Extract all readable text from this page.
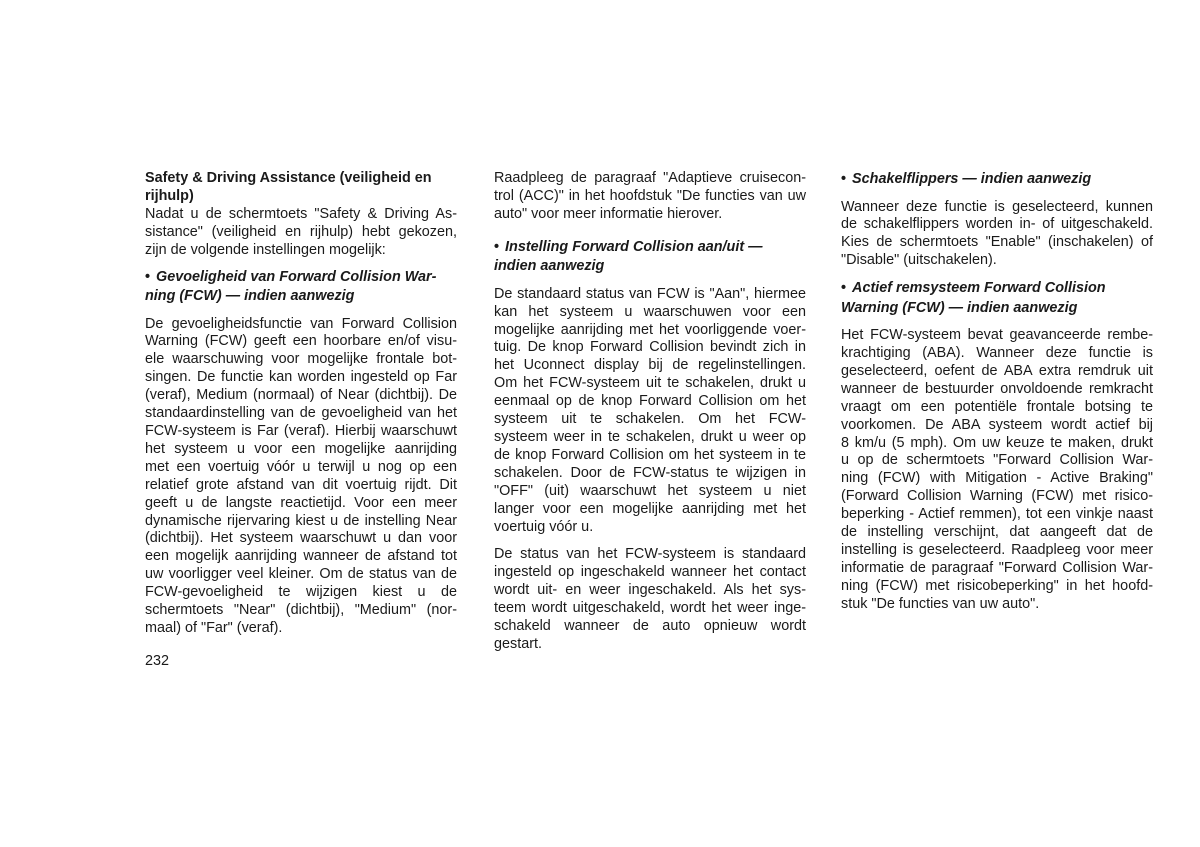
Safety & Driving Assistance (veiligheid en
rijhulp)
Nadat u de schermtoets "Safety & Driving As-
sistance" (veiligheid en rijhulp) hebt gekozen,
zijn de volgende instellingen mogelijk:
• Gevoeligheid van Forward Collision War-
ning (FCW) — indien aanwezig
De gevoeligheidsfunctie van Forward Collision
Warning (FCW) geeft een hoorbare en/of visu-
ele waarschuwing voor mogelijke frontale bot-
singen. De functie kan worden ingesteld op Far
(veraf), Medium (normaal) of Near (dichtbij). De
standaardinstelling van de gevoeligheid van het
FCW-systeem is Far (veraf). Hierbij waarschuwt
het systeem u voor een mogelijke aanrijding
met een voertuig vóór u terwijl u nog op een
relatief grote afstand van dit voertuig rijdt. Dit
geeft u de langste reactietijd. Voor een meer
dynamische rijervaring kiest u de instelling Near
(dichtbij). Het systeem waarschuwt u dan voor
een mogelijk aanrijding wanneer de afstand tot
uw voorligger veel kleiner. Om de status van de
FCW-gevoeligheid te wijzigen kiest u de
schermtoets "Near" (dichtbij), "Medium" (nor-
maal) of "Far" (veraf).
Raadpleeg de paragraaf "Adaptieve cruisecon-
trol (ACC)" in het hoofdstuk "De functies van uw
auto" voor meer informatie hierover.
• Instelling Forward Collision aan/uit —
indien aanwezig
De standaard status van FCW is "Aan", hiermee
kan het systeem u waarschuwen voor een
mogelijke aanrijding met het voorliggende voer-
tuig. De knop Forward Collision bevindt zich in
het Uconnect display bij de regelinstellingen.
Om het FCW-systeem uit te schakelen, drukt u
eenmaal op de knop Forward Collision om het
systeem uit te schakelen. Om het FCW-
systeem weer in te schakelen, drukt u weer op
de knop Forward Collision om het systeem in te
schakelen. Door de FCW-status te wijzigen in
"OFF" (uit) waarschuwt het systeem u niet
langer voor een mogelijke aanrijding met het
voertuig vóór u.
De status van het FCW-systeem is standaard
ingesteld op ingeschakeld wanneer het contact
wordt uit- en weer ingeschakeld. Als het sys-
teem wordt uitgeschakeld, wordt het weer inge-
schakeld wanneer de auto opnieuw wordt
gestart.
• Schakelflippers — indien aanwezig
Wanneer deze functie is geselecteerd, kunnen
de schakelflippers worden in- of uitgeschakeld.
Kies de schermtoets "Enable" (inschakelen) of
"Disable" (uitschakelen).
• Actief remsysteem Forward Collision
Warning (FCW) — indien aanwezig
Het FCW-systeem bevat geavanceerde rembe-
krachtiging (ABA). Wanneer deze functie is
geselecteerd, oefent de ABA extra remdruk uit
wanneer de bestuurder onvoldoende remkracht
vraagt om een potentiële frontale botsing te
voorkomen. De ABA systeem wordt actief bij
8 km/u (5 mph). Om uw keuze te maken, drukt
u op de schermtoets "Forward Collision War-
ning (FCW) with Mitigation - Active Braking"
(Forward Collision Warning (FCW) met risico-
beperking - Actief remmen), tot een vinkje naast
de instelling verschijnt, dat aangeeft dat de
instelling is geselecteerd. Raadpleeg voor meer
informatie de paragraaf "Forward Collision War-
ning (FCW) met risicobeperking" in het hoofd-
stuk "De functies van uw auto".
232
